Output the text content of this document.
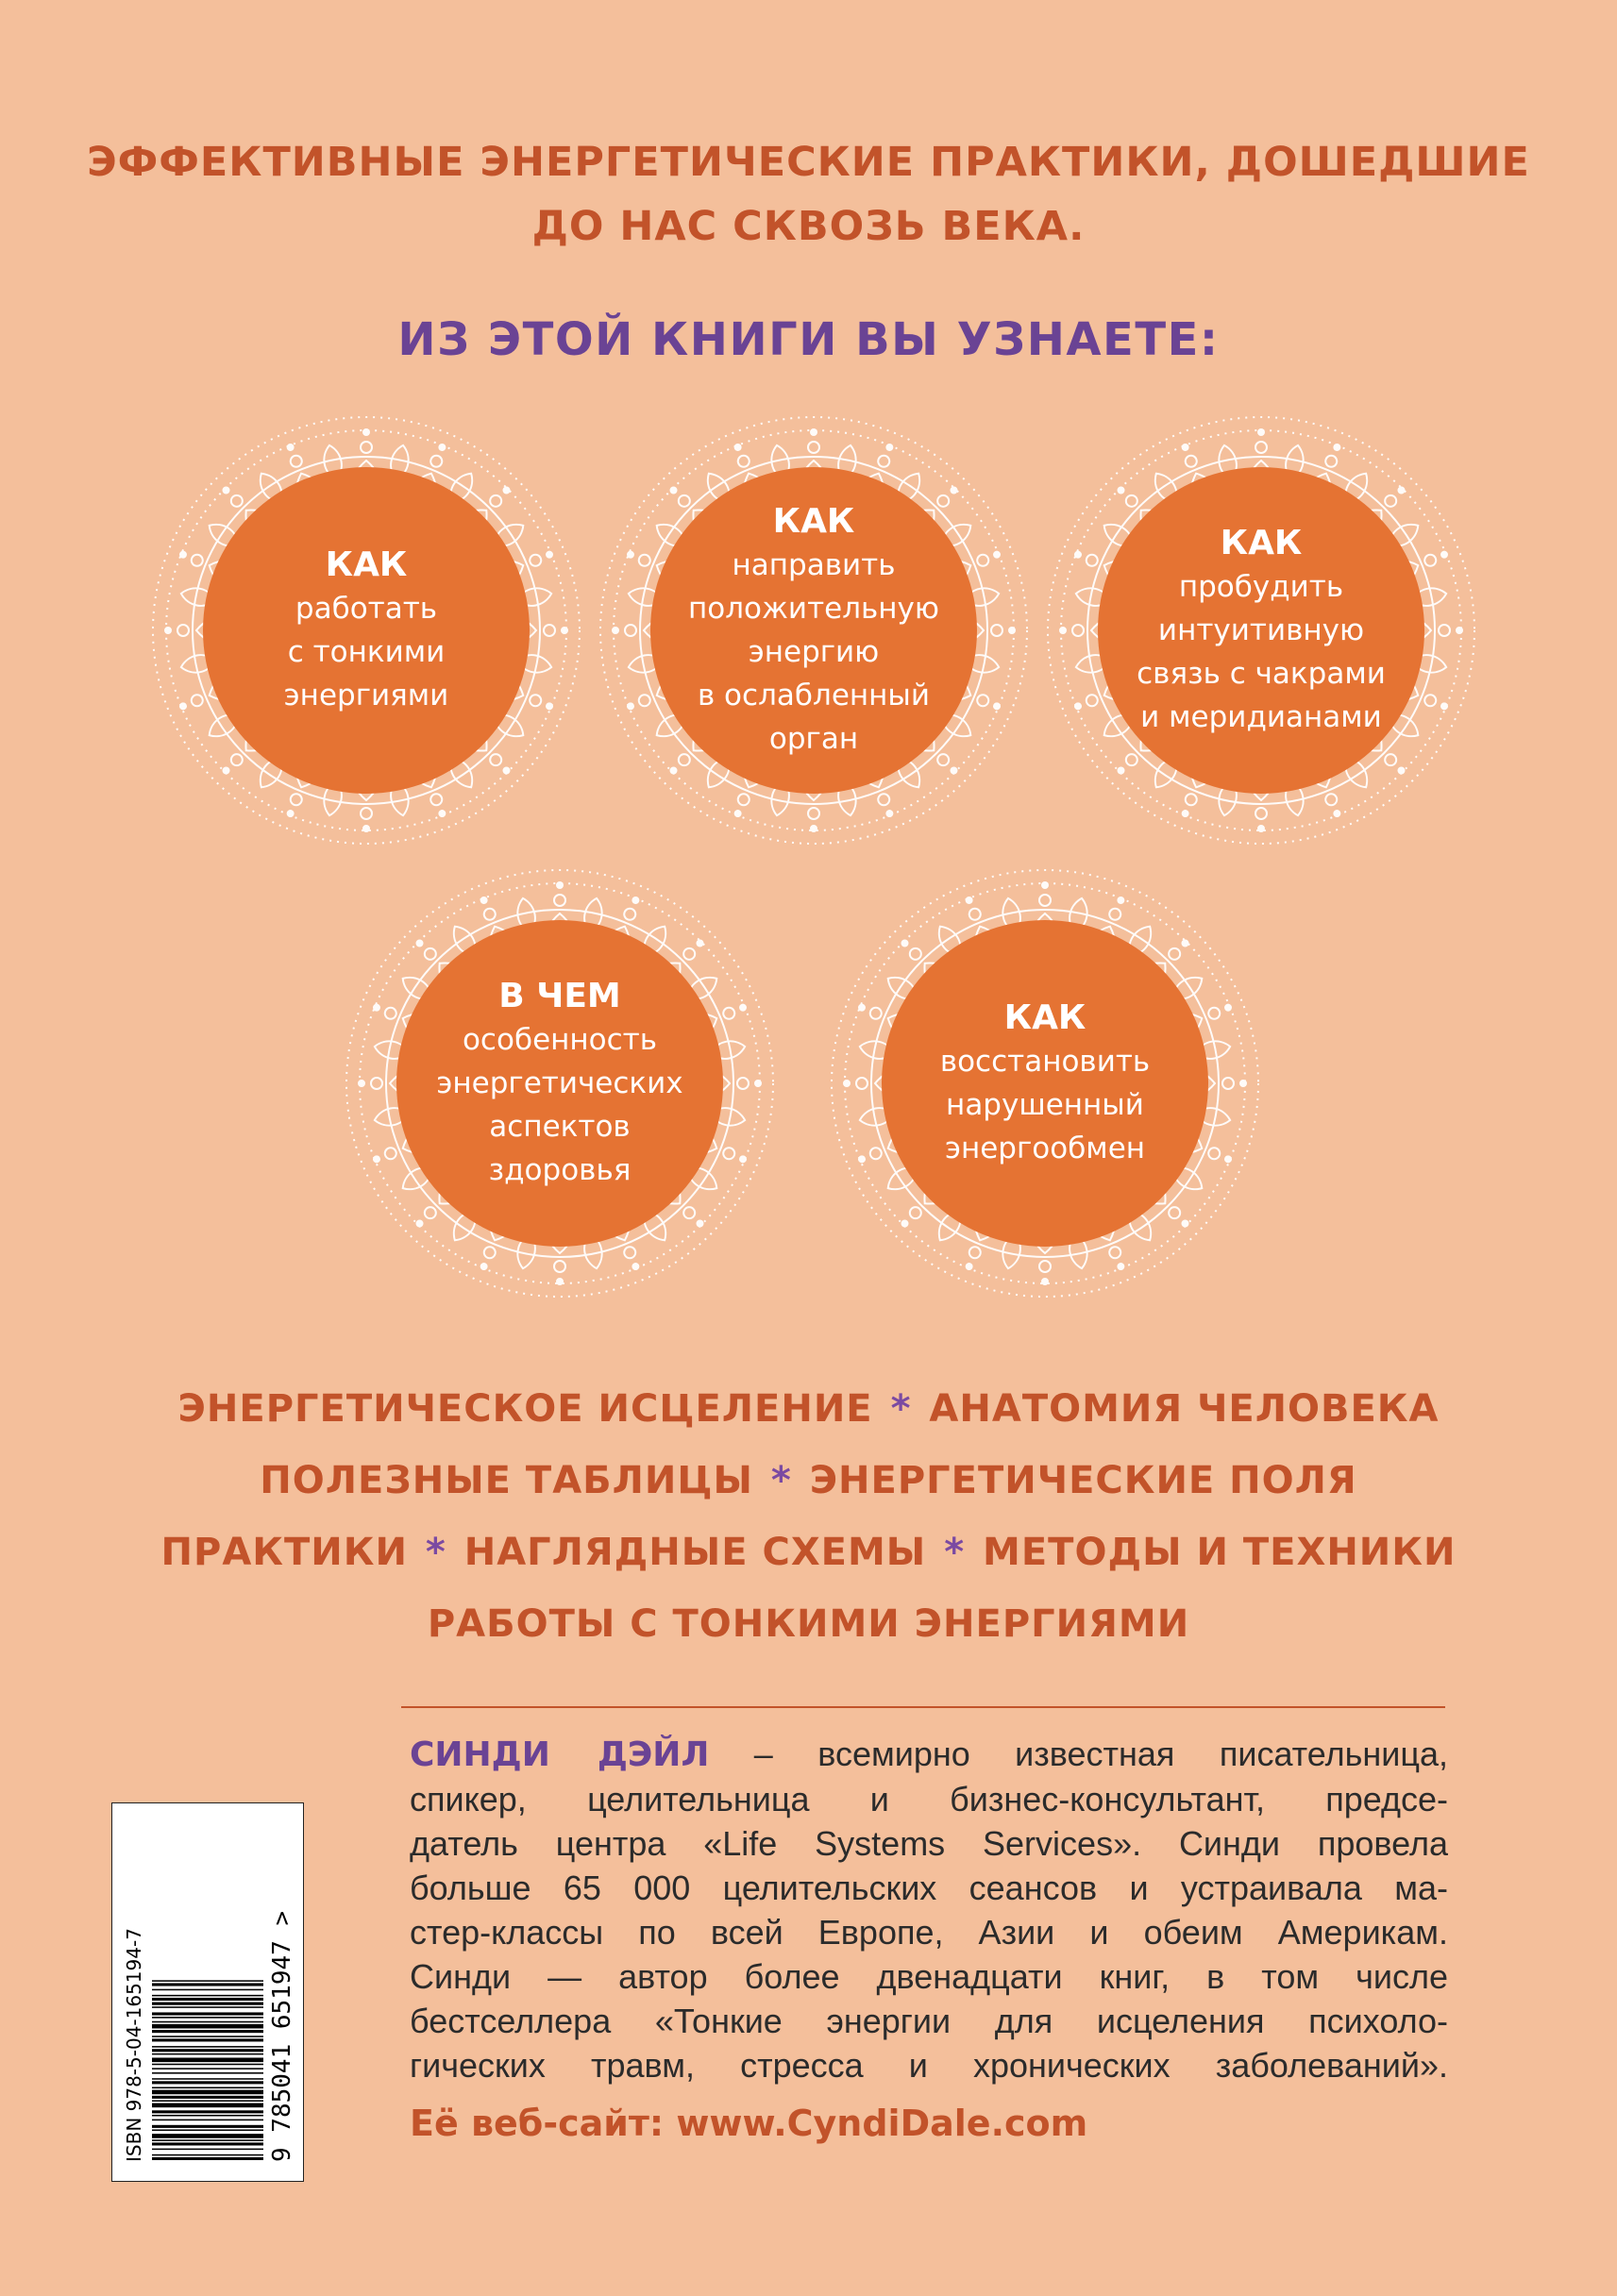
ЭФФЕКТИВНЫЕ ЭНЕРГЕТИЧЕСКИЕ ПРАКТИКИ, ДОШЕДШИЕ
ДО НАС СКВОЗЬ ВЕКА.
ИЗ ЭТОЙ КНИГИ ВЫ УЗНАЕТЕ:
КАК
работать
с тонкими
энергиями
КАК
направить
положительную
энергию
в ослабленный
орган
КАК
пробудить
интуитивную
связь с чакрами
и меридианами
В ЧЕМ
особенность
энергетических
аспектов
здоровья
КАК
восстановить
нарушенный
энергообмен
ЭНЕРГЕТИЧЕСКОЕ ИСЦЕЛЕНИЕ * АНАТОМИЯ ЧЕЛОВЕКА
ПОЛЕЗНЫЕ ТАБЛИЦЫ * ЭНЕРГЕТИЧЕСКИЕ ПОЛЯ
ПРАКТИКИ * НАГЛЯДНЫЕ СХЕМЫ * МЕТОДЫ И ТЕХНИКИ
РАБОТЫ С ТОНКИМИ ЭНЕРГИЯМИ
ISBN 978-5-04-165194-7	9 785041 651947 >
СИНДИ ДЭЙЛ – всемирно известная писательница,
спикер, целительница и бизнес-консультант, предсе-
датель центра «Life Systems Services». Синди провела
больше 65 000 целительских сеансов и устраивала ма-
стер-классы по всей Европе, Азии и обеим Америкам.
Синди — автор более двенадцати книг, в том числе
бестселлера «Тонкие энергии для исцеления психоло-
гических травм, стресса и хронических заболеваний».
Её веб-сайт: www.CyndiDale.com
